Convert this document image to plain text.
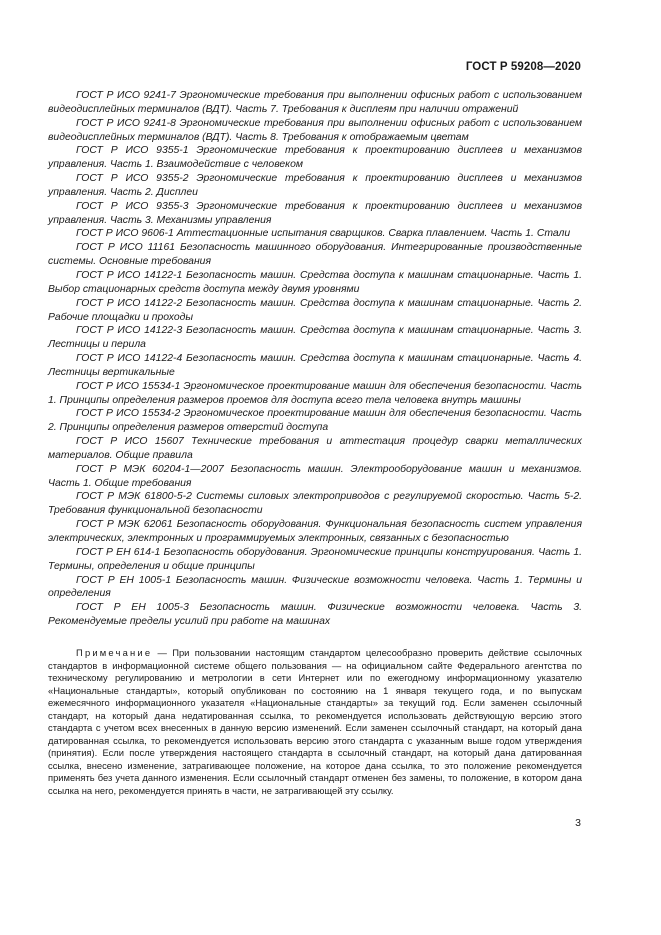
ГОСТ Р 59208—2020

ГОСТ Р ИСО 9241-7 Эргономические требования при выполнении офисных работ с использованием видеодисплейных терминалов (ВДТ). Часть 7. Требования к дисплеям при наличии отражений

ГОСТ Р ИСО 9241-8 Эргономические требования при выполнении офисных работ с использованием видеодисплейных терминалов (ВДТ). Часть 8. Требования к отображаемым цветам

ГОСТ Р ИСО 9355-1 Эргономические требования к проектированию дисплеев и механизмов управления. Часть 1. Взаимодействие с человеком

ГОСТ Р ИСО 9355-2 Эргономические требования к проектированию дисплеев и механизмов управления. Часть 2. Дисплеи

ГОСТ Р ИСО 9355-3 Эргономические требования к проектированию дисплеев и механизмов управления. Часть 3. Механизмы управления

ГОСТ Р ИСО 9606-1 Аттестационные испытания сварщиков. Сварка плавлением. Часть 1. Стали

ГОСТ Р ИСО 11161 Безопасность машинного оборудования. Интегрированные производственные системы. Основные требования

ГОСТ Р ИСО 14122-1 Безопасность машин. Средства доступа к машинам стационарные. Часть 1. Выбор стационарных средств доступа между двумя уровнями

ГОСТ Р ИСО 14122-2 Безопасность машин. Средства доступа к машинам стационарные. Часть 2. Рабочие площадки и проходы

ГОСТ Р ИСО 14122-3 Безопасность машин. Средства доступа к машинам стационарные. Часть 3. Лестницы и перила

ГОСТ Р ИСО 14122-4 Безопасность машин. Средства доступа к машинам стационарные. Часть 4. Лестницы вертикальные

ГОСТ Р ИСО 15534-1 Эргономическое проектирование машин для обеспечения безопасности. Часть 1. Принципы определения размеров проемов для доступа всего тела человека внутрь машины

ГОСТ Р ИСО 15534-2 Эргономическое проектирование машин для обеспечения безопасности. Часть 2. Принципы определения размеров отверстий доступа

ГОСТ Р ИСО 15607 Технические требования и аттестация процедур сварки металлических материалов. Общие правила

ГОСТ Р МЭК 60204-1—2007 Безопасность машин. Электрооборудование машин и механизмов. Часть 1. Общие требования

ГОСТ Р МЭК 61800-5-2 Системы силовых электроприводов с регулируемой скоростью. Часть 5-2. Требования функциональной безопасности

ГОСТ Р МЭК 62061 Безопасность оборудования. Функциональная безопасность систем управления электрических, электронных и программируемых электронных, связанных с безопасностью

ГОСТ Р ЕН 614-1 Безопасность оборудования. Эргономические принципы конструирования. Часть 1. Термины, определения и общие принципы

ГОСТ Р ЕН 1005-1 Безопасность машин. Физические возможности человека. Часть 1. Термины и определения

ГОСТ Р ЕН 1005-3 Безопасность машин. Физические возможности человека. Часть 3. Рекомендуемые пределы усилий при работе на машинах

Примечание — При пользовании настоящим стандартом целесообразно проверить действие ссылочных стандартов в информационной системе общего пользования — на официальном сайте Федерального агентства по техническому регулированию и метрологии в сети Интернет или по ежегодному информационному указателю «Национальные стандарты», который опубликован по состоянию на 1 января текущего года, и по выпускам ежемесячного информационного указателя «Национальные стандарты» за текущий год. Если заменен ссылочный стандарт, на который дана недатированная ссылка, то рекомендуется использовать действующую версию этого стандарта с учетом всех внесенных в данную версию изменений. Если заменен ссылочный стандарт, на который дана датированная ссылка, то рекомендуется использовать версию этого стандарта с указанным выше годом утверждения (принятия). Если после утверждения настоящего стандарта в ссылочный стандарт, на который дана датированная ссылка, внесено изменение, затрагивающее положение, на которое дана ссылка, то это положение рекомендуется применять без учета данного изменения. Если ссылочный стандарт отменен без замены, то положение, в котором дана ссылка на него, рекомендуется принять в части, не затрагивающей эту ссылку.

3
